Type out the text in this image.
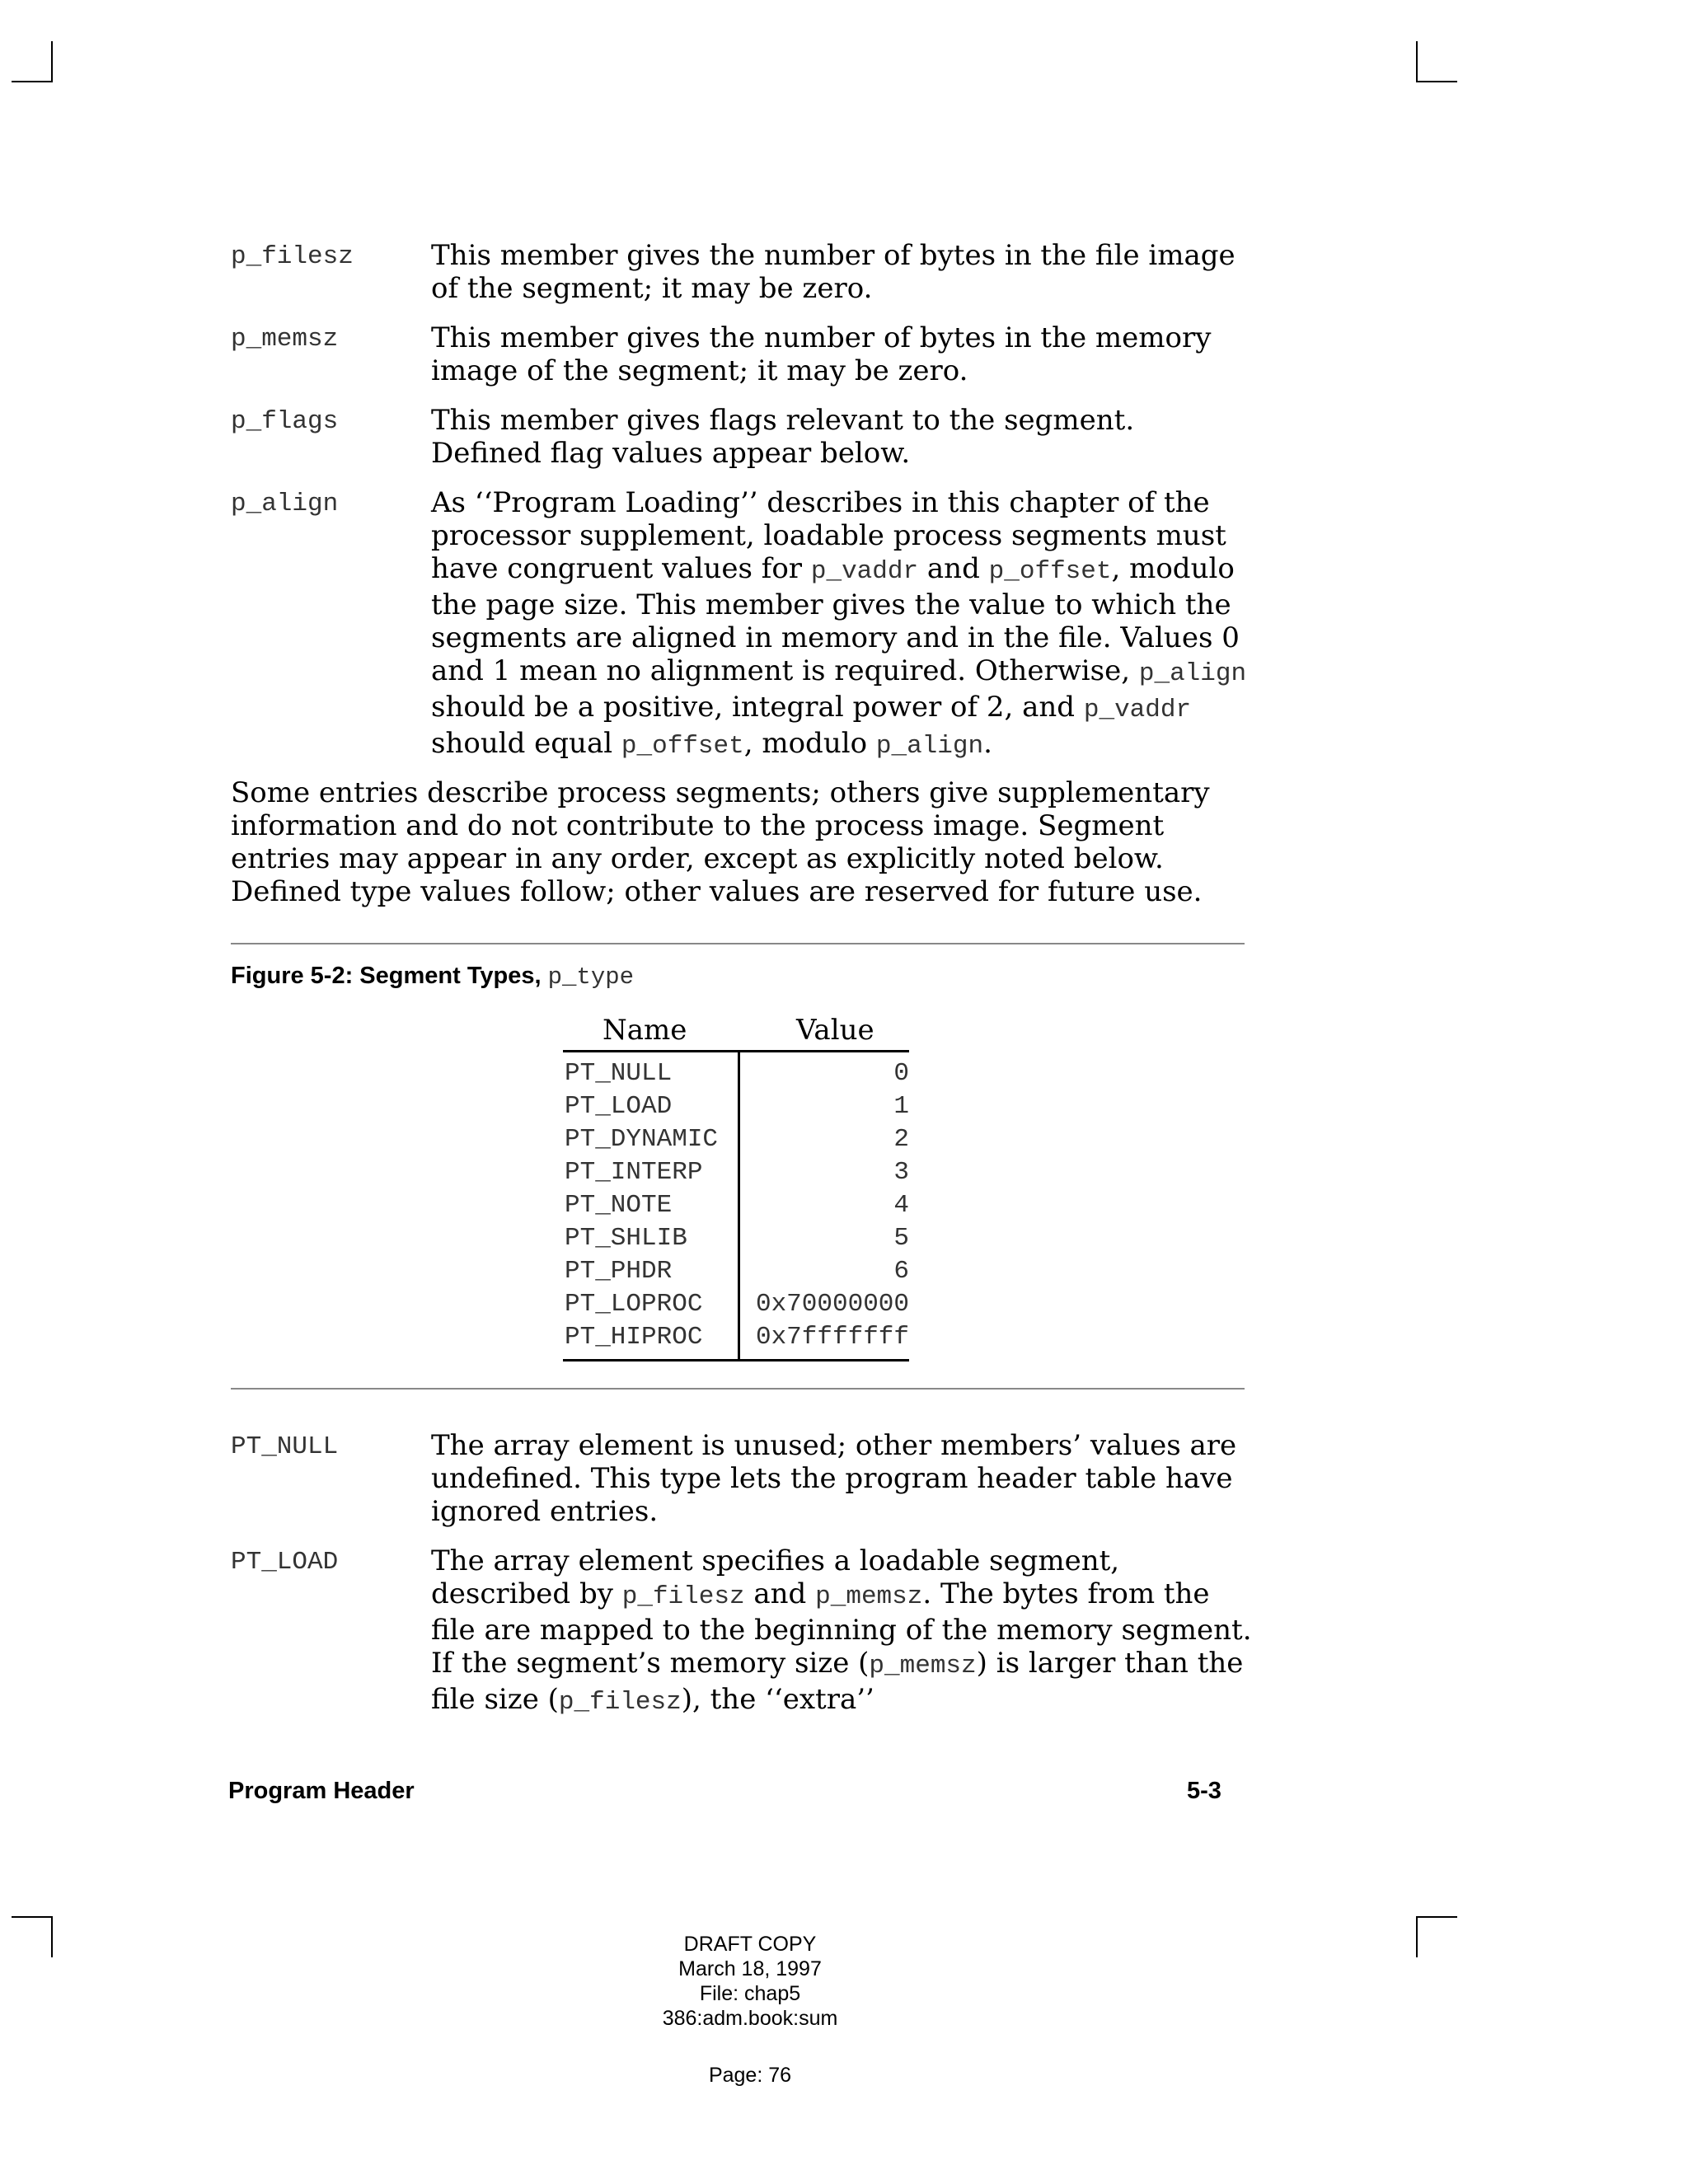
p_filesz	This member gives the number of bytes in the file image of the segment; it may be zero.
p_memsz	This member gives the number of bytes in the memory image of the segment; it may be zero.
p_flags	This member gives flags relevant to the segment. Defined flag values appear below.
p_align	As ‘‘Program Loading’’ describes in this chapter of the processor supplement, loadable process segments must have congruent values for p_vaddr and p_offset, modulo the page size. This member gives the value to which the segments are aligned in memory and in the file. Values 0 and 1 mean no alignment is required. Otherwise, p_align should be a positive, integral power of 2, and p_vaddr should equal p_offset, modulo p_align.
Some entries describe process segments; others give supplementary information and do not contribute to the process image. Segment entries may appear in any order, except as explicitly noted below. Defined type values follow; other values are reserved for future use.
Figure 5-2: Segment Types, p_type
Name	Value
PT_NULL	0
PT_LOAD	1
PT_DYNAMIC	2
PT_INTERP	3
PT_NOTE	4
PT_SHLIB	5
PT_PHDR	6
PT_LOPROC 0x70000000
PT_HIPROC 0x7fffffff
PT_NULL	The array element is unused; other members’ values are undefined. This type lets the program header table have ignored entries.
PT_LOAD	The array element specifies a loadable segment, described by p_filesz and p_memsz. The bytes from the file are mapped to the beginning of the memory segment. If the segment’s memory size (p_memsz) is larger than the file size (p_filesz), the ‘‘extra’’
Program Header	5-3
DRAFT COPY
March 18, 1997
File: chap5
386:adm.book:sum
Page: 76
